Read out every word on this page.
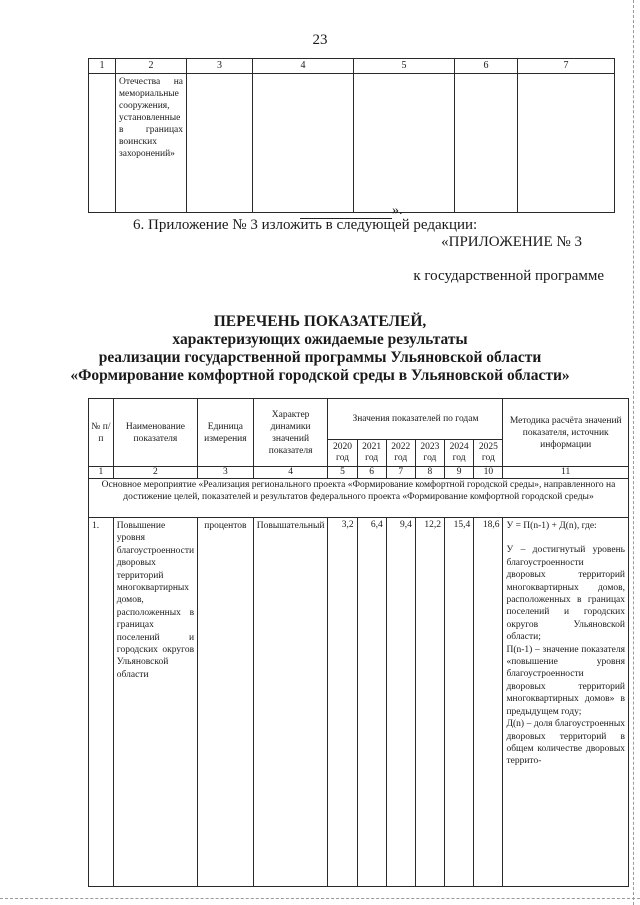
23
1	2	3	4	5	6	7

	Отечества на мемориальные сооружения, установленные в границах воинских захоронений»					

».
6. Приложение № 3 изложить в следующей редакции:
«ПРИЛОЖЕНИЕ № 3
к государственной программе
ПЕРЕЧЕНЬ ПОКАЗАТЕЛЕЙ,
характеризующих ожидаемые результаты
реализации государственной программы Ульяновской области
«Формирование комфортной городской среды в Ульяновской области»
№ п/п	Наименование показателя	Единица измерения	Характер динамики значений показателя	Значения показателей по годам						Методика расчёта значений показателя, источник информации
				2020 год	2021 год	2022 год	2023 год	2024 год	2025 год	
1	2	3	4	5	6	7	8	9	10	11
Основное мероприятие «Реализация регионального проекта «Формирование комфортной городской среды», направленного на достижение целей, показателей и результатов федерального проекта «Формирование комфортной городской среды»										

1.	Повышение уровня благоустроенности дворовых территорий многоквартирных домов, расположенных в границах поселений и городских округов Ульяновской области	процентов	Повышательный	3,2	6,4	9,4	12,2	15,4	18,6	У = П(n-1) + Д(n), где:

У – достигнутый уровень благоустроенности дворовых территорий многоквартирных домов, расположенных в границах поселений и городских округов Ульяновской области;

П(n-1) – значение показателя «повышение уровня благоустроенности дворовых территорий многоквартирных домов» в предыдущем году;

Д(n) – доля благоустроенных дворовых территорий в общем количестве дворовых террито-
